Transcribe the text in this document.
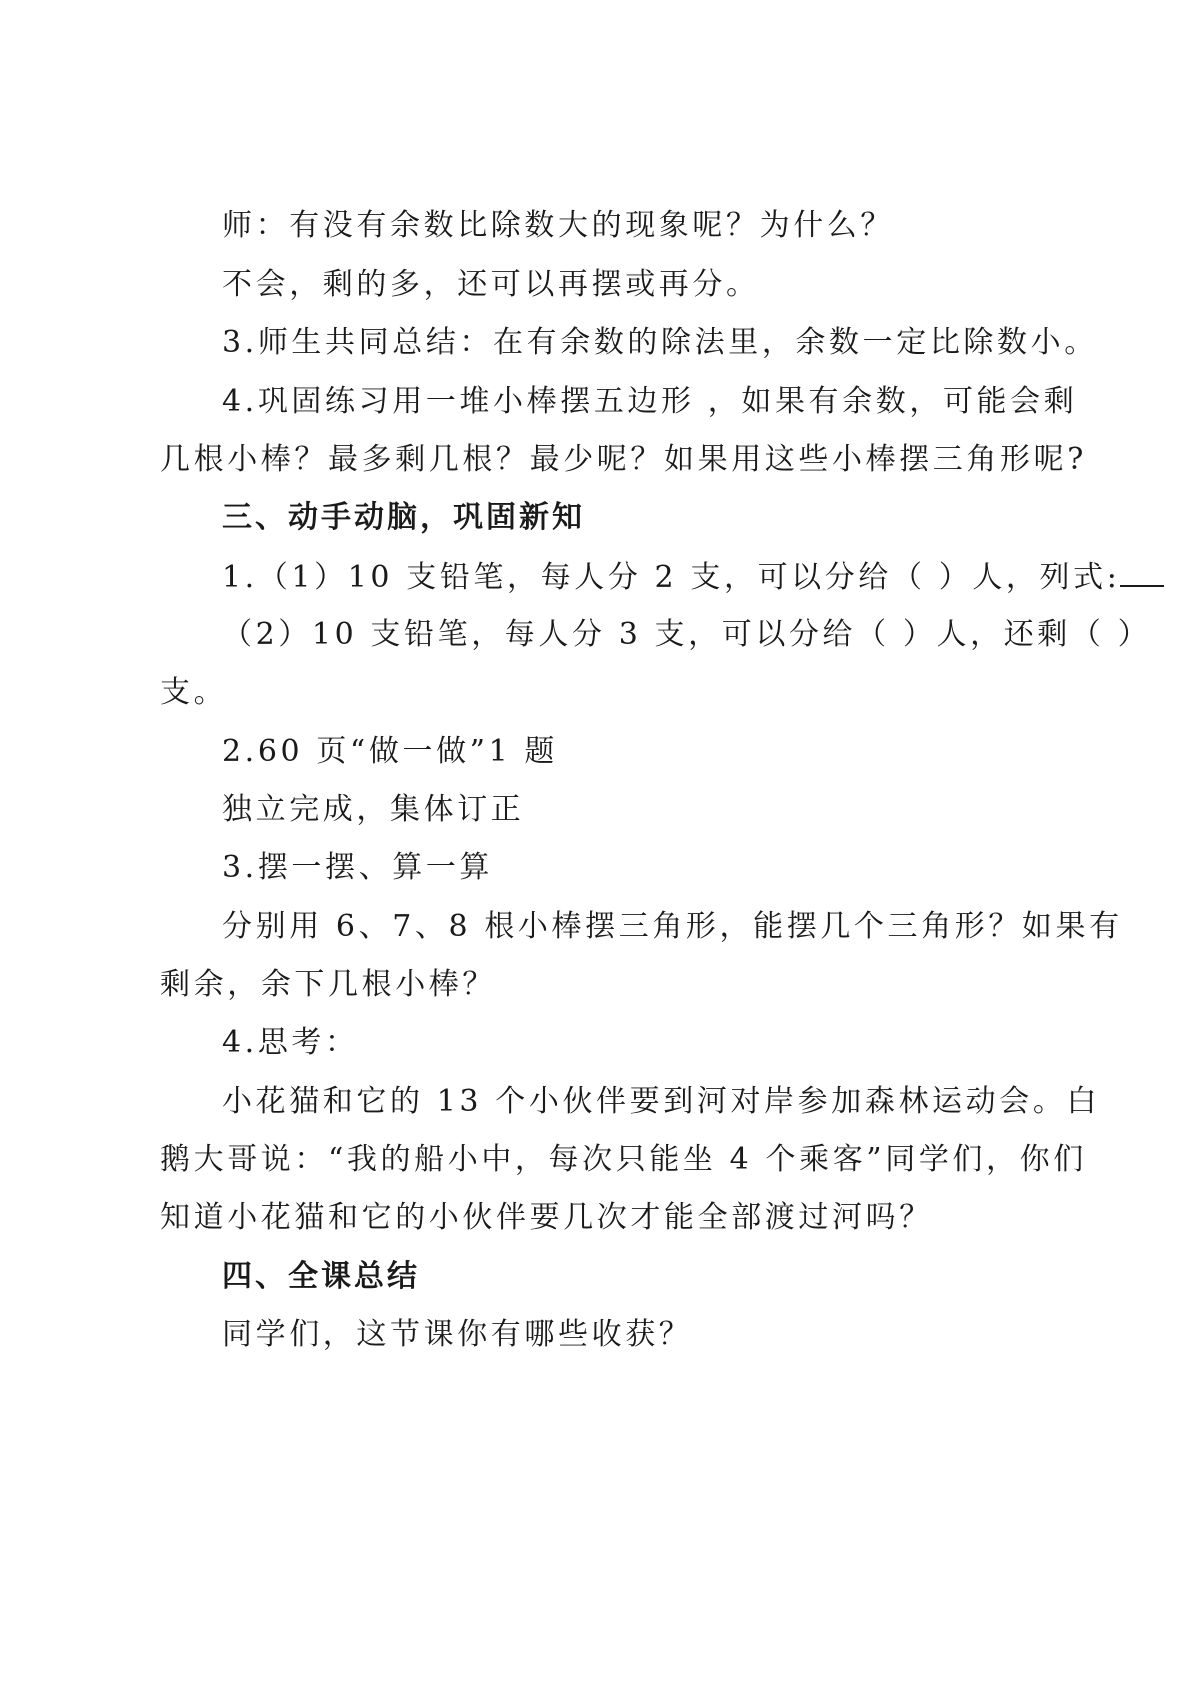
师：有没有余数比除数大的现象呢？为什么？
不会，剩的多，还可以再摆或再分。
3.师生共同总结：在有余数的除法里，余数一定比除数小。
4.巩固练习用一堆小棒摆五边形 ，如果有余数，可能会剩
几根小棒？最多剩几根？最少呢？如果用这些小棒摆三角形呢?
三、动手动脑，巩固新知
1.（1）10 支铅笔，每人分 2 支，可以分给（ ）人，列式:
（2）10 支铅笔，每人分 3 支，可以分给（ ）人，还剩（ ）
支。
2.60 页“做一做”1 题
独立完成，集体订正
3.摆一摆、算一算
分别用 6、7、8 根小棒摆三角形，能摆几个三角形？如果有
剩余，余下几根小棒？
4.思考：
小花猫和它的 13 个小伙伴要到河对岸参加森林运动会。白
鹅大哥说：“我的船小中，每次只能坐 4 个乘客”同学们，你们
知道小花猫和它的小伙伴要几次才能全部渡过河吗？
四、全课总结
同学们，这节课你有哪些收获？
